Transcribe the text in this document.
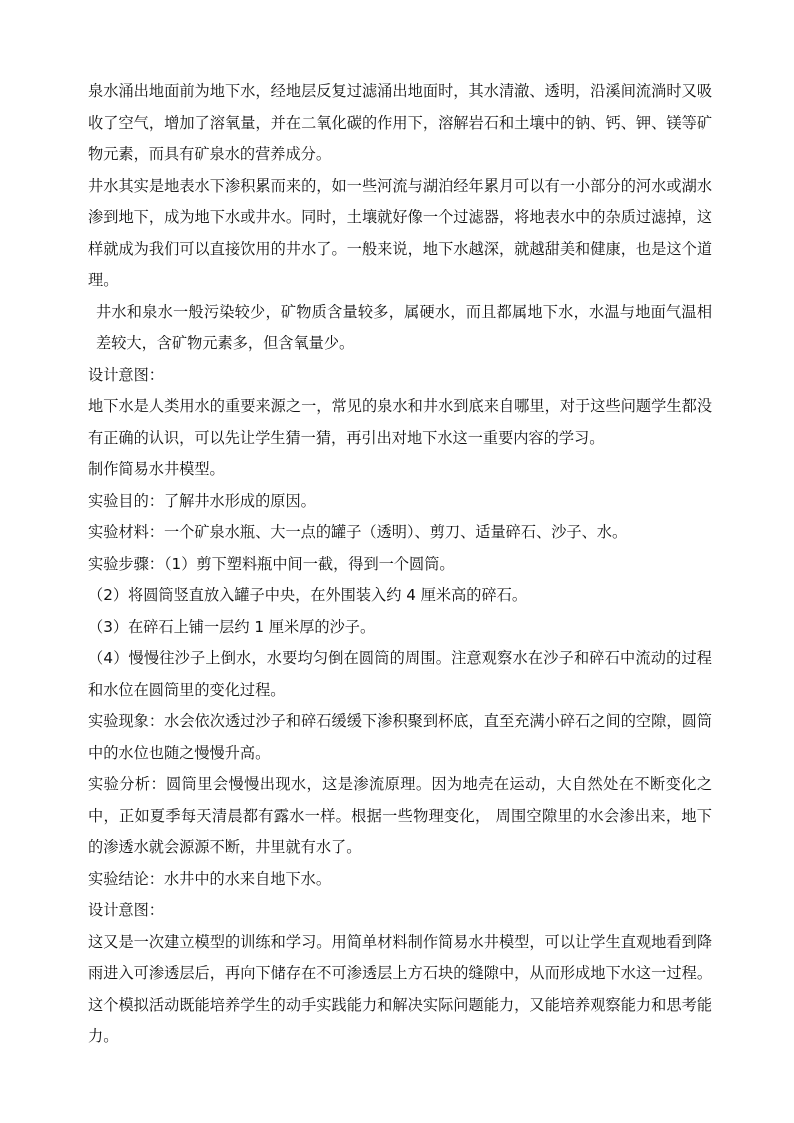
泉水涌出地面前为地下水，经地层反复过滤涌出地面时，其水清澈、透明，沿溪间流淌时又吸收了空气，增加了溶氧量，并在二氧化碳的作用下，溶解岩石和土壤中的钠、钙、钾、镁等矿物元素，而具有矿泉水的营养成分。

井水其实是地表水下渗积累而来的，如一些河流与湖泊经年累月可以有一小部分的河水或湖水渗到地下，成为地下水或井水。同时，土壤就好像一个过滤器，将地表水中的杂质过滤掉，这样就成为我们可以直接饮用的井水了。一般来说，地下水越深，就越甜美和健康，也是这个道理。

井水和泉水一般污染较少，矿物质含量较多，属硬水，而且都属地下水，水温与地面气温相差较大，含矿物元素多，但含氧量少。

设计意图：

地下水是人类用水的重要来源之一，常见的泉水和井水到底来自哪里，对于这些问题学生都没有正确的认识，可以先让学生猜一猜，再引出对地下水这一重要内容的学习。

制作简易水井模型。

实验目的：了解井水形成的原因。

实验材料：一个矿泉水瓶、大一点的罐子（透明）、剪刀、适量碎石、沙子、水。

实验步骤：（1）剪下塑料瓶中间一截，得到一个圆筒。

（2）将圆筒竖直放入罐子中央，在外围装入约 4 厘米高的碎石。

（3）在碎石上铺一层约 1 厘米厚的沙子。

（4）慢慢往沙子上倒水，水要均匀倒在圆筒的周围。注意观察水在沙子和碎石中流动的过程和水位在圆筒里的变化过程。

实验现象：水会依次透过沙子和碎石缓缓下渗积聚到杯底，直至充满小碎石之间的空隙，圆筒中的水位也随之慢慢升高。

实验分析：圆筒里会慢慢出现水，这是渗流原理。因为地壳在运动，大自然处在不断变化之中，正如夏季每天清晨都有露水一样。根据一些物理变化， 周围空隙里的水会渗出来，地下的渗透水就会源源不断，井里就有水了。

实验结论：水井中的水来自地下水。

设计意图：

这又是一次建立模型的训练和学习。用简单材料制作简易水井模型，可以让学生直观地看到降雨进入可渗透层后，再向下储存在不可渗透层上方石块的缝隙中，从而形成地下水这一过程。这个模拟活动既能培养学生的动手实践能力和解决实际问题能力，又能培养观察能力和思考能力。
